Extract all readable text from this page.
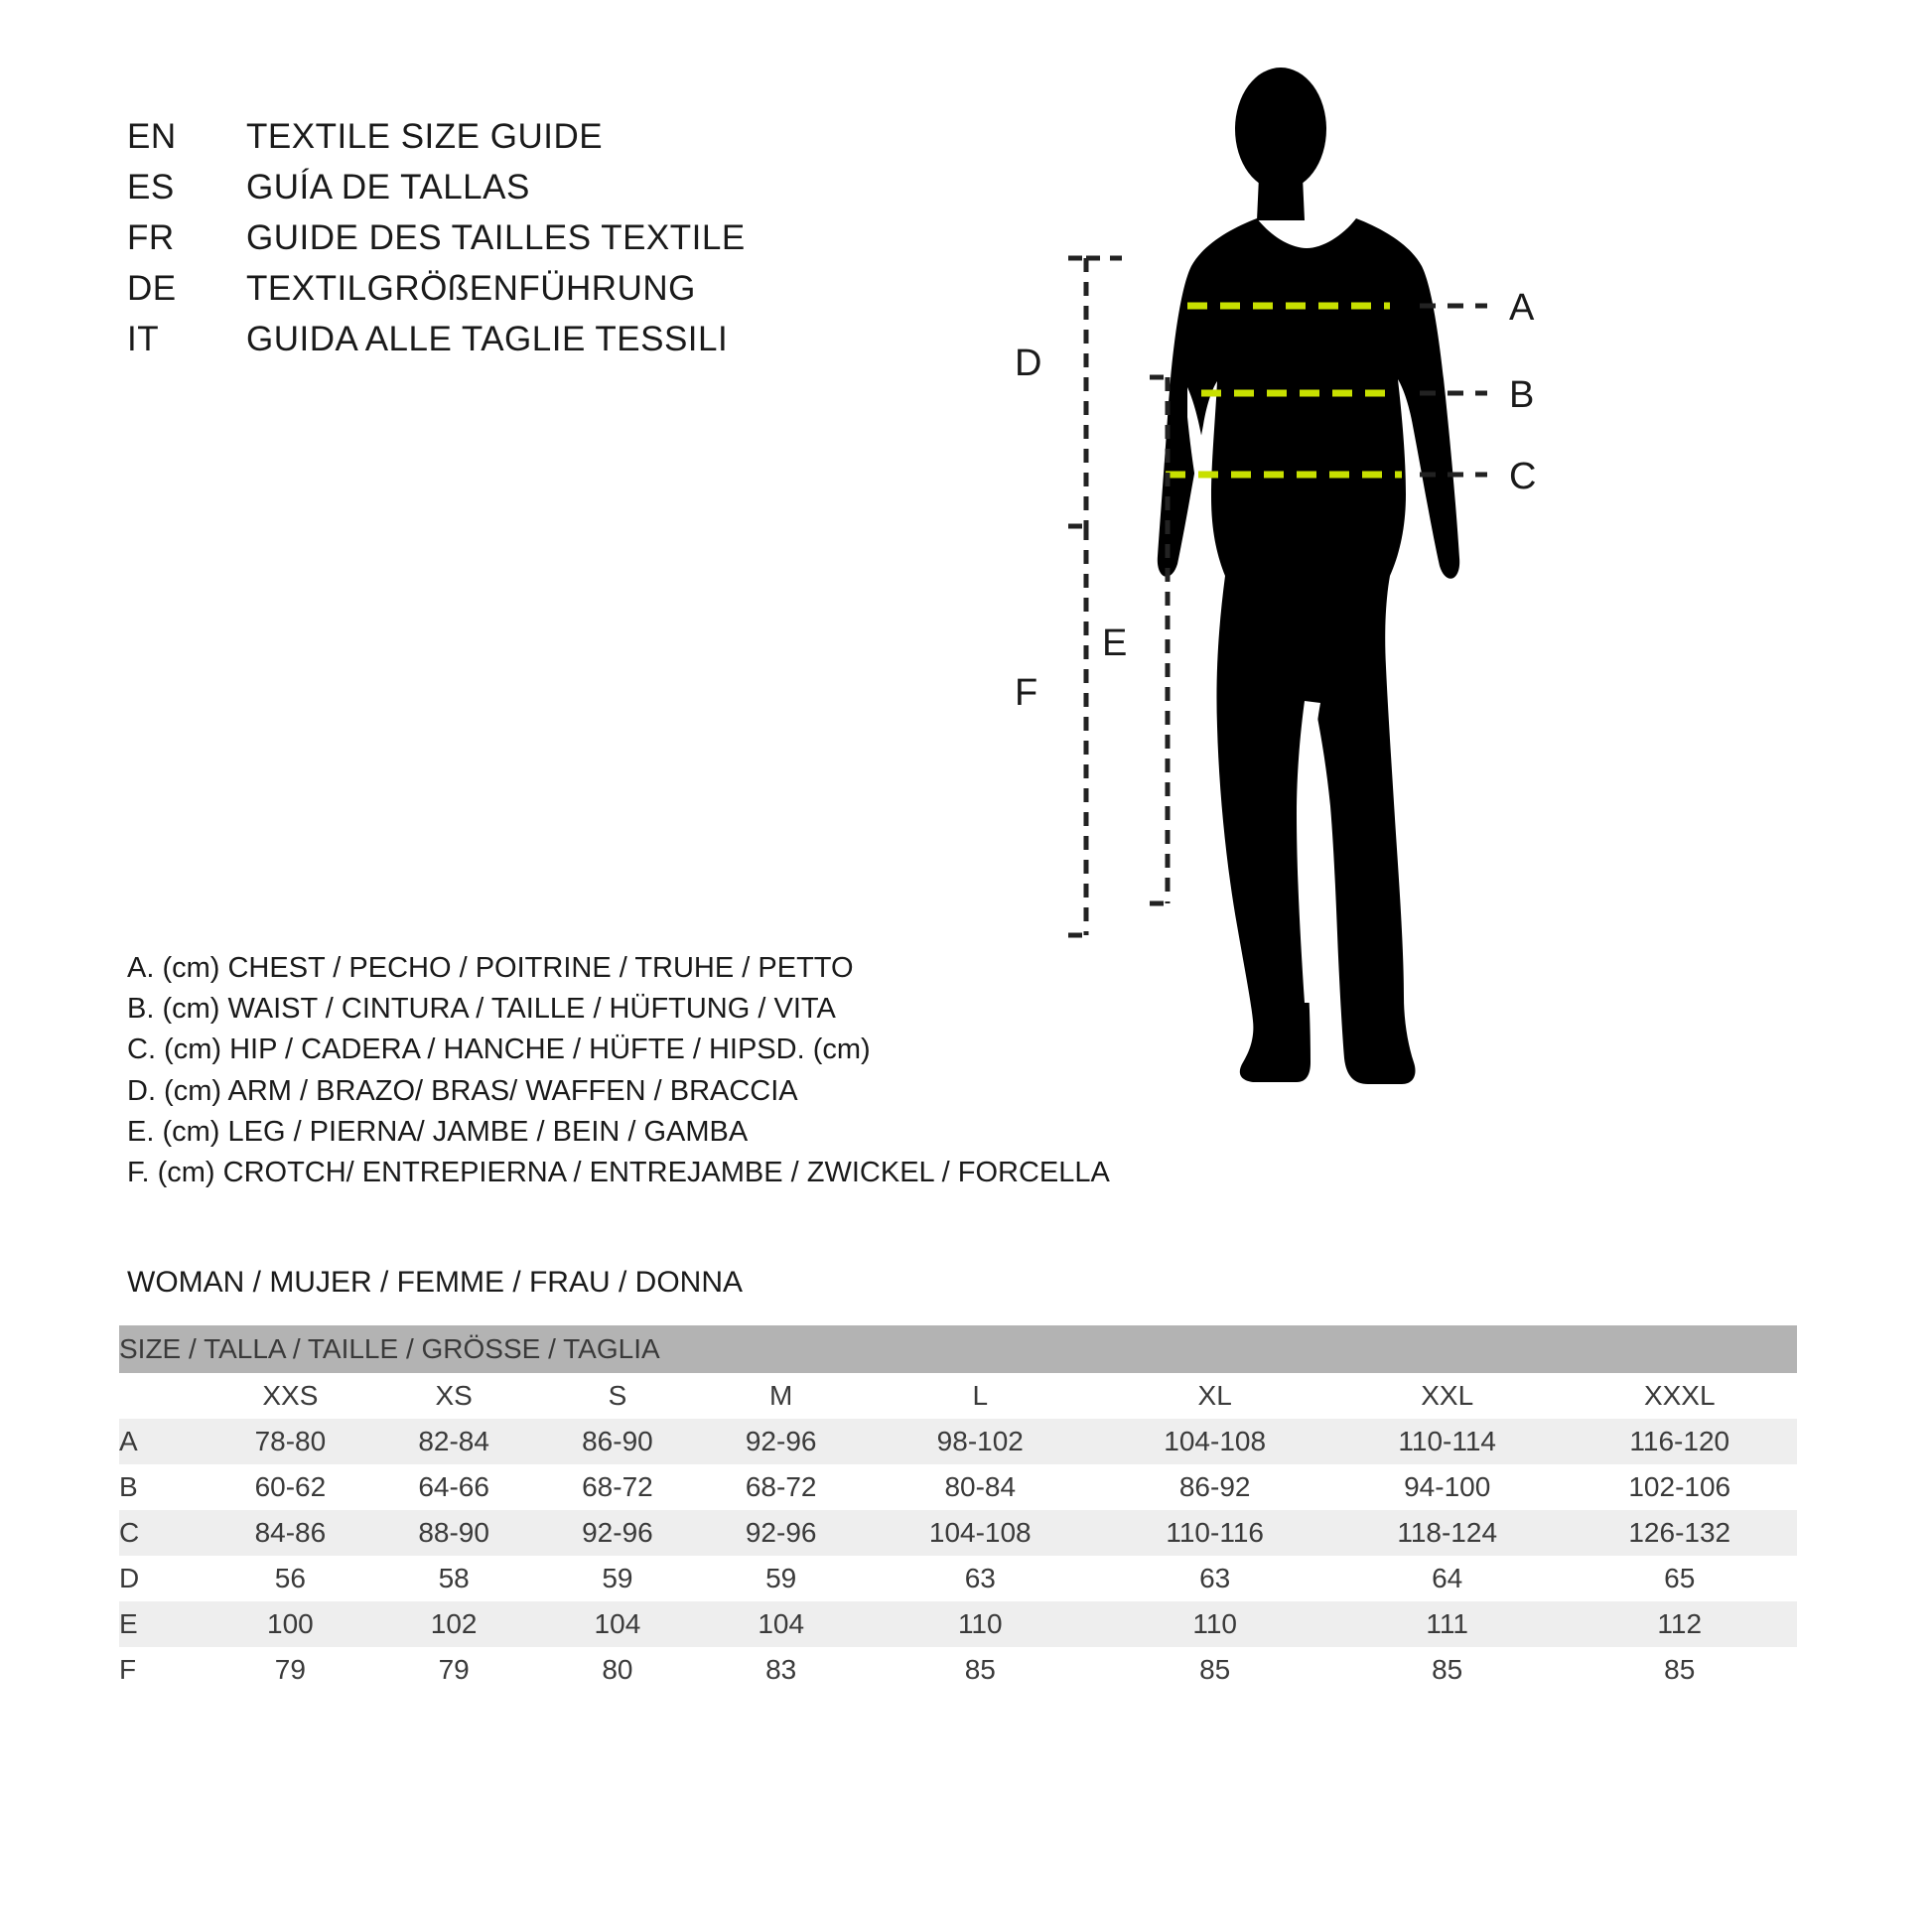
EN	TEXTILE SIZE GUIDE
ES	GUÍA DE TALLAS
FR	GUIDE DES TAILLES TEXTILE
DE	TEXTILGRÖßENFÜHRUNG
IT	GUIDA ALLE TAGLIE TESSILI
A
B
C
D
E
F
A. (cm) CHEST / PECHO / POITRINE / TRUHE / PETTO
B. (cm) WAIST / CINTURA / TAILLE / HÜFTUNG / VITA
C. (cm) HIP / CADERA / HANCHE / HÜFTE / HIPSD. (cm)
D. (cm) ARM / BRAZO/ BRAS/ WAFFEN / BRACCIA
E. (cm) LEG / PIERNA/ JAMBE / BEIN / GAMBA
F. (cm) CROTCH/ ENTREPIERNA / ENTREJAMBE / ZWICKEL / FORCELLA
WOMAN / MUJER / FEMME / FRAU / DONNA
SIZE / TALLA / TAILLE / GRÖSSE / TAGLIA								
	XXS	XS	S	M	L	XL	XXL	XXXL
A	78-80	82-84	86-90	92-96	98-102	104-108	110-114	116-120
B	60-62	64-66	68-72	68-72	80-84	86-92	94-100	102-106
C	84-86	88-90	92-96	92-96	104-108	110-116	118-124	126-132
D	56	58	59	59	63	63	64	65
E	100	102	104	104	110	110	111	112
F	79	79	80	83	85	85	85	85
